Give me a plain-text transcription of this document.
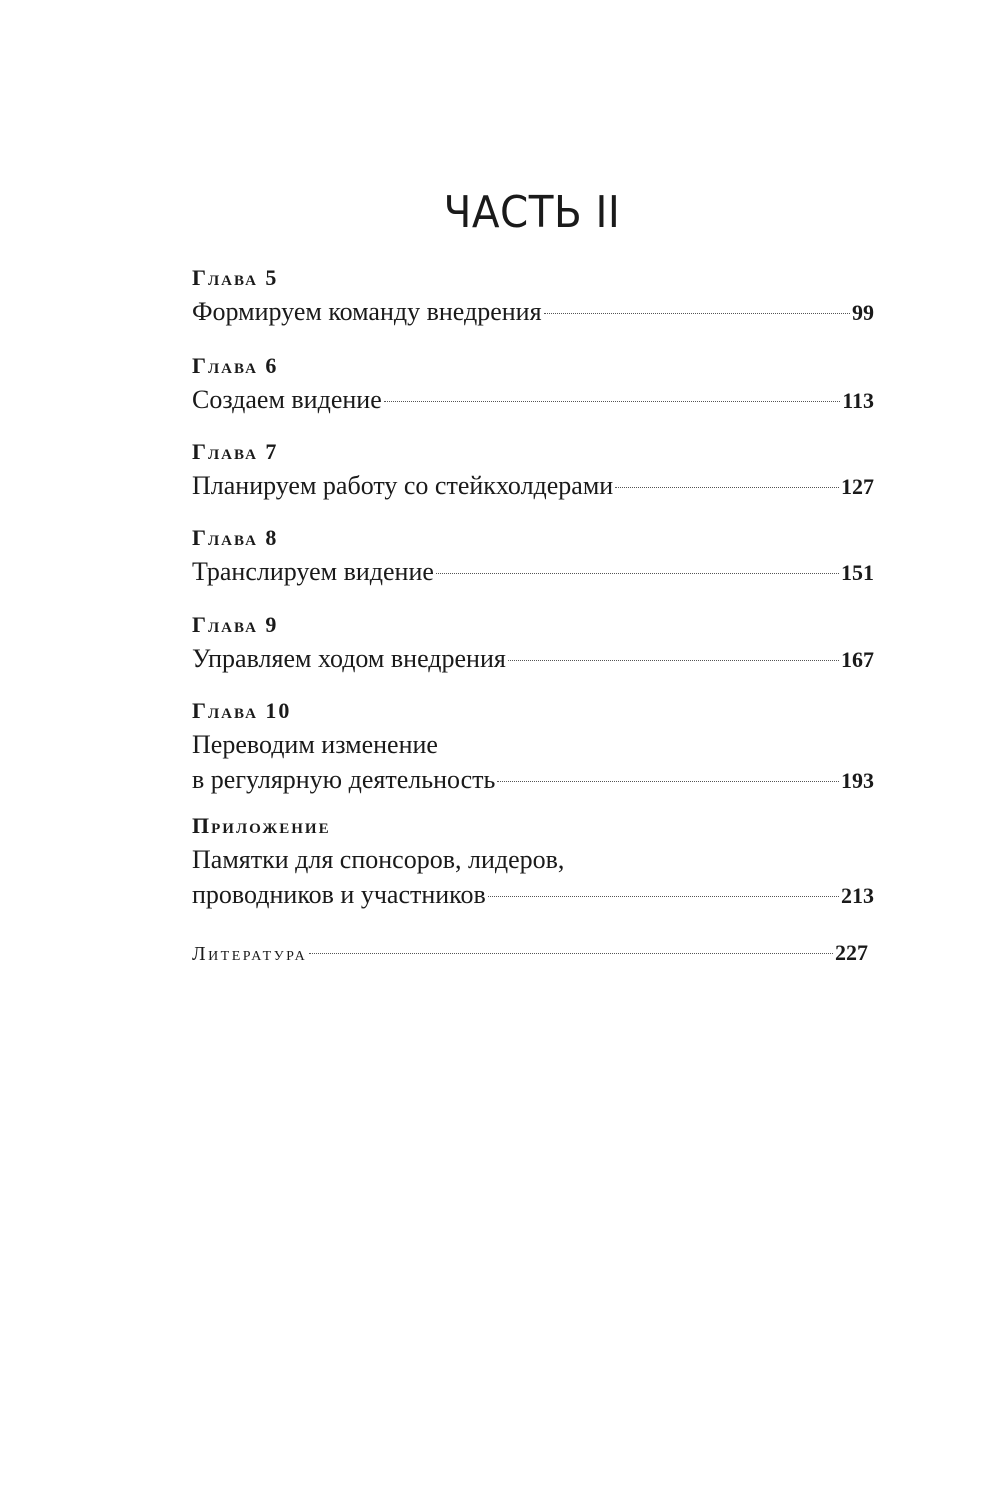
ЧАСТЬ II
Глава 5
Формируем команду внедрения	99
Глава 6
Создаем видение	113
Глава 7
Планируем работу со стейкхолдерами	127
Глава 8
Транслируем видение	151
Глава 9
Управляем ходом внедрения	167
Глава 10
Переводим изменение
в регулярную деятельность	193
Приложение
Памятки для спонсоров, лидеров,
проводников и участников	213
Литература	227
